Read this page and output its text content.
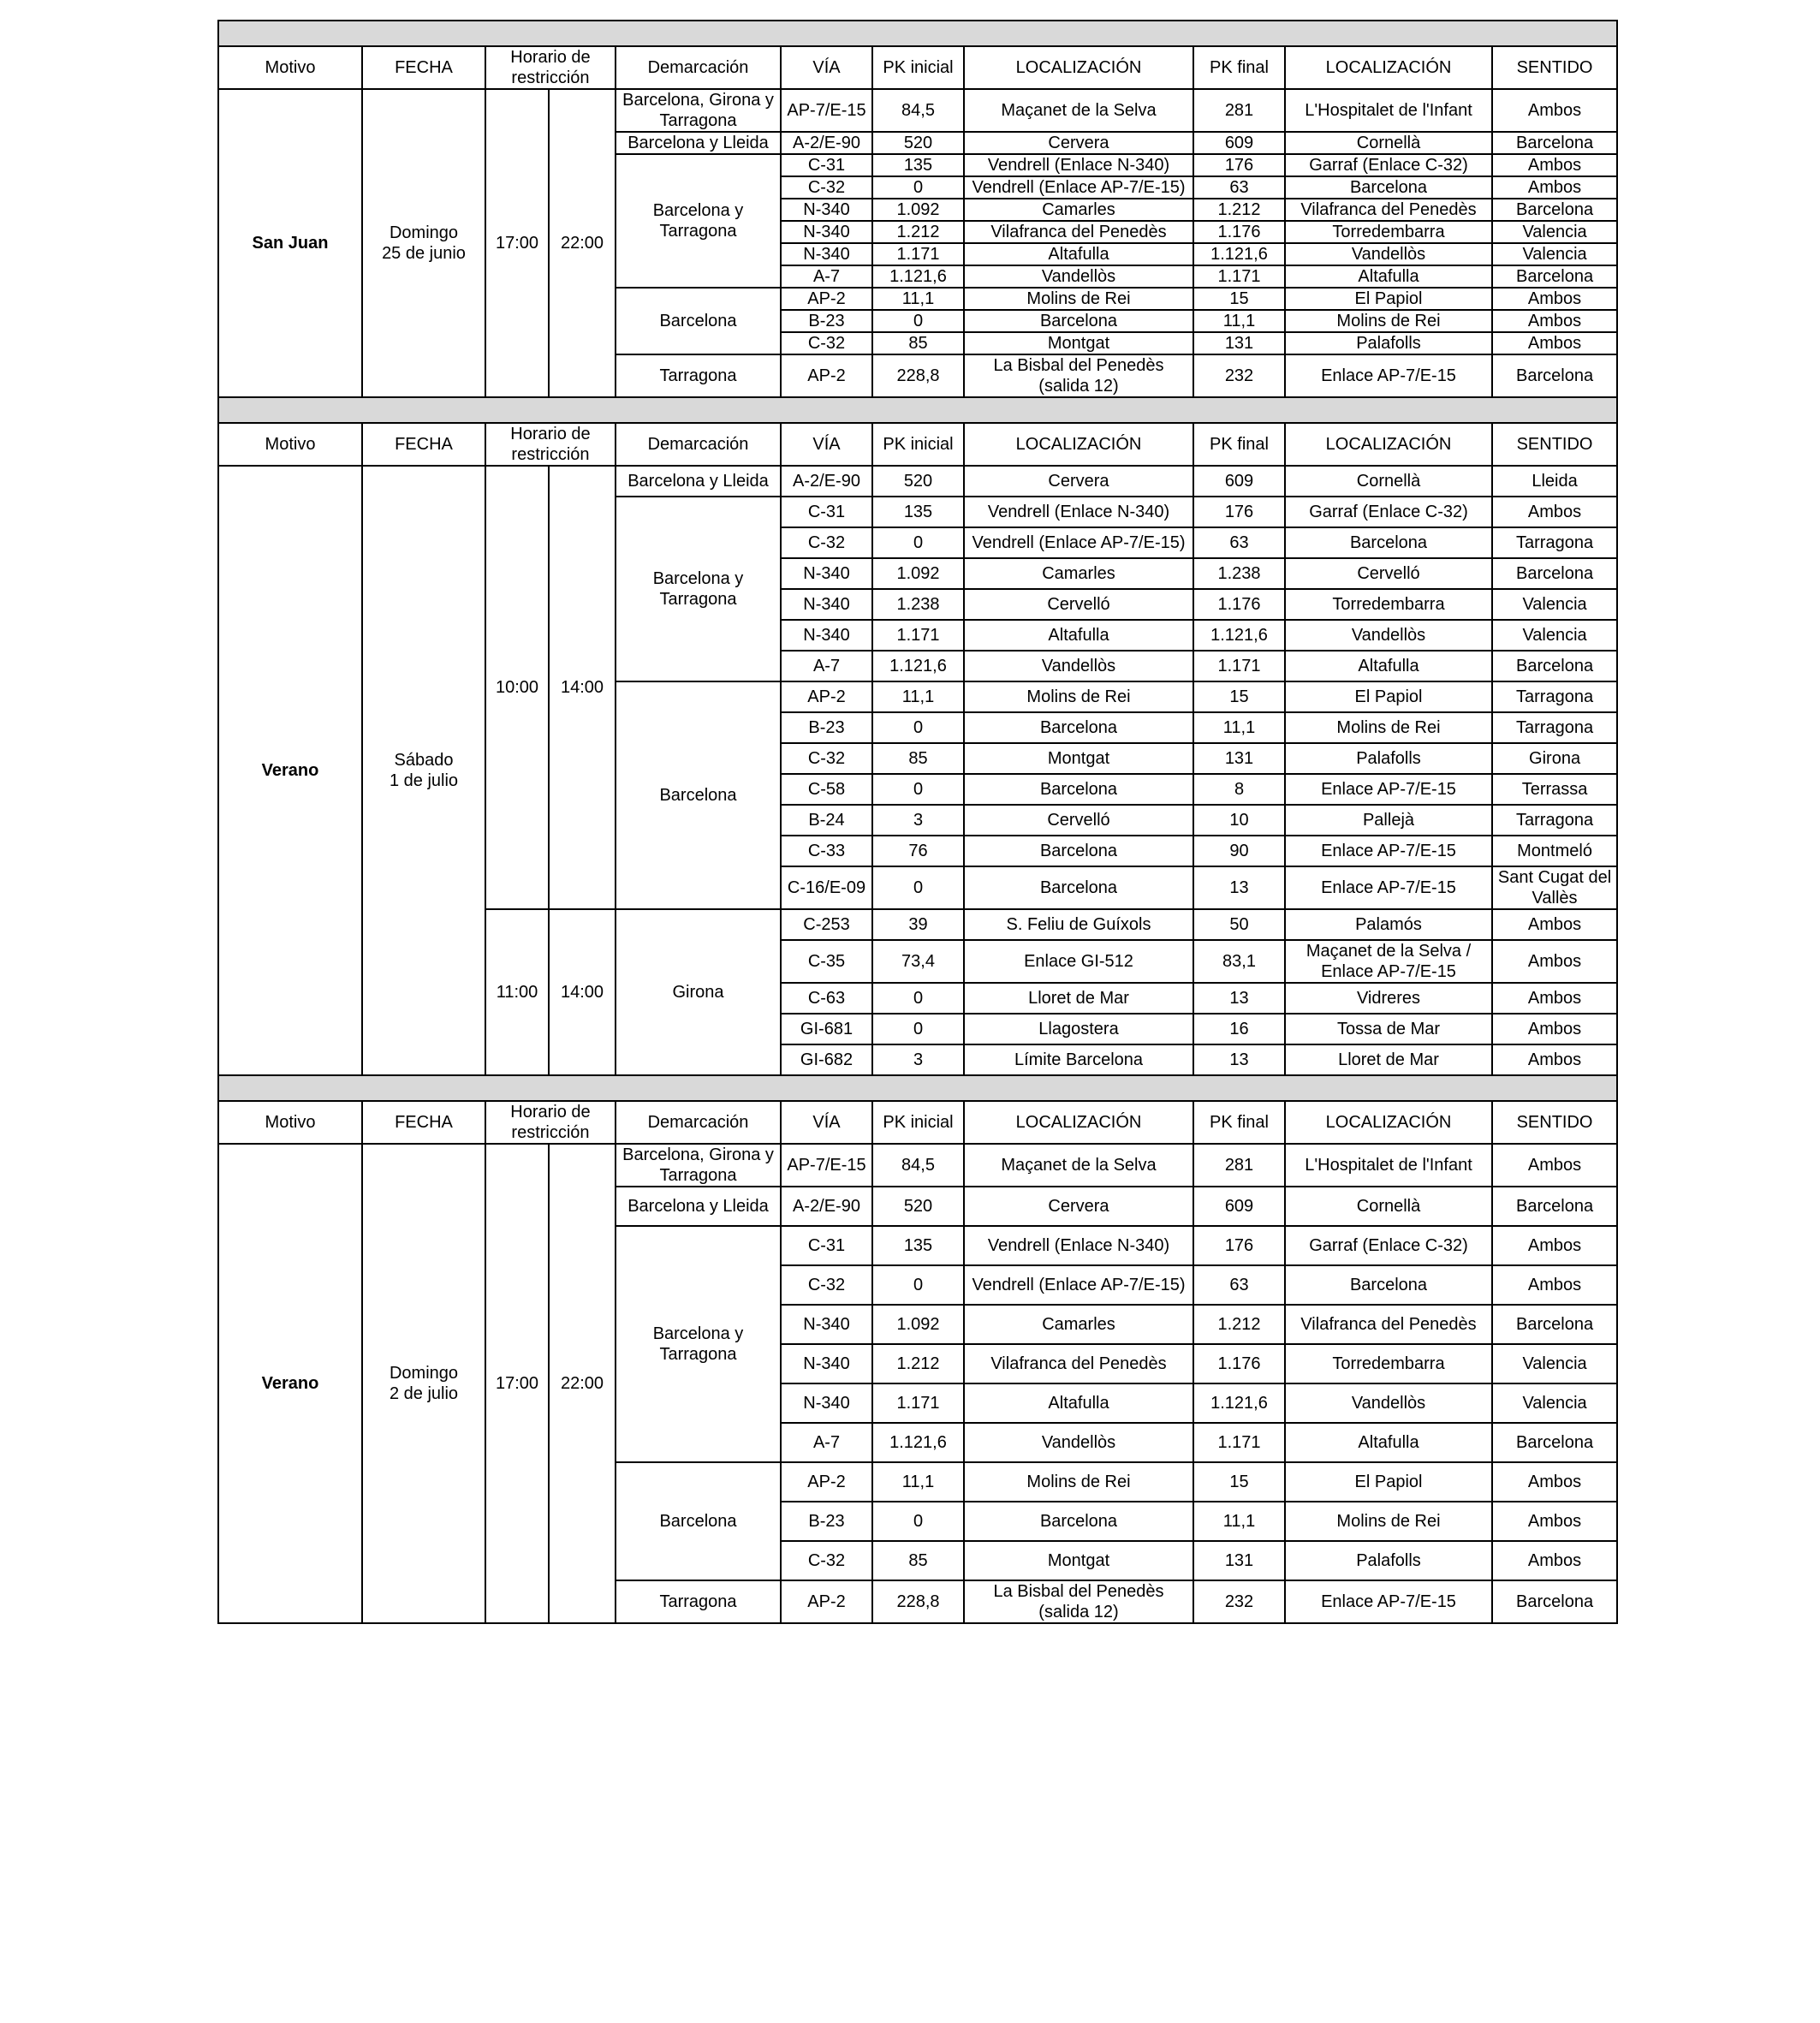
Motivo	FECHA	Horario de
restricción		Demarcación	VÍA	PK inicial	LOCALIZACIÓN	PK final	LOCALIZACIÓN	SENTIDO
San Juan	Domingo
25 de junio	17:00	22:00	Barcelona, Girona y
Tarragona	AP-7/E-15	84,5	Maçanet de la Selva	281	L'Hospitalet de l'Infant	Ambos
				Barcelona y Lleida	A-2/E-90	520	Cervera	609	Cornellà	Barcelona
				Barcelona y
Tarragona	C-31	135	Vendrell (Enlace N-340)	176	Garraf (Enlace C-32)	Ambos
					C-32	0	Vendrell (Enlace AP-7/E-15)	63	Barcelona	Ambos
					N-340	1.092	Camarles	1.212	Vilafranca del Penedès	Barcelona
					N-340	1.212	Vilafranca del Penedès	1.176	Torredembarra	Valencia
					N-340	1.171	Altafulla	1.121,6	Vandellòs	Valencia
					A-7	1.121,6	Vandellòs	1.171	Altafulla	Barcelona
				Barcelona	AP-2	11,1	Molins de Rei	15	El Papiol	Ambos
					B-23	0	Barcelona	11,1	Molins de Rei	Ambos
					C-32	85	Montgat	131	Palafolls	Ambos
				Tarragona	AP-2	228,8	La Bisbal del Penedès
(salida 12)	232	Enlace AP-7/E-15	Barcelona

Motivo	FECHA	Horario de
restricción		Demarcación	VÍA	PK inicial	LOCALIZACIÓN	PK final	LOCALIZACIÓN	SENTIDO
Verano	Sábado
1 de julio	10:00	14:00	Barcelona y Lleida	A-2/E-90	520	Cervera	609	Cornellà	Lleida
				Barcelona y
Tarragona	C-31	135	Vendrell (Enlace N-340)	176	Garraf (Enlace C-32)	Ambos
					C-32	0	Vendrell (Enlace AP-7/E-15)	63	Barcelona	Tarragona
					N-340	1.092	Camarles	1.238	Cervelló	Barcelona
					N-340	1.238	Cervelló	1.176	Torredembarra	Valencia
					N-340	1.171	Altafulla	1.121,6	Vandellòs	Valencia
					A-7	1.121,6	Vandellòs	1.171	Altafulla	Barcelona
				Barcelona	AP-2	11,1	Molins de Rei	15	El Papiol	Tarragona
					B-23	0	Barcelona	11,1	Molins de Rei	Tarragona
					C-32	85	Montgat	131	Palafolls	Girona
					C-58	0	Barcelona	8	Enlace AP-7/E-15	Terrassa
					B-24	3	Cervelló	10	Pallejà	Tarragona
					C-33	76	Barcelona	90	Enlace AP-7/E-15	Montmeló
					C-16/E-09	0	Barcelona	13	Enlace AP-7/E-15	Sant Cugat del
Vallès
		11:00	14:00	Girona	C-253	39	S. Feliu de Guíxols	50	Palamós	Ambos
					C-35	73,4	Enlace GI-512	83,1	Maçanet de la Selva /
Enlace AP-7/E-15	Ambos
					C-63	0	Lloret de Mar	13	Vidreres	Ambos
					GI-681	0	Llagostera	16	Tossa de Mar	Ambos
					GI-682	3	Límite Barcelona	13	Lloret de Mar	Ambos

Motivo	FECHA	Horario de
restricción		Demarcación	VÍA	PK inicial	LOCALIZACIÓN	PK final	LOCALIZACIÓN	SENTIDO
Verano	Domingo
2 de julio	17:00	22:00	Barcelona, Girona y
Tarragona	AP-7/E-15	84,5	Maçanet de la Selva	281	L'Hospitalet de l'Infant	Ambos
				Barcelona y Lleida	A-2/E-90	520	Cervera	609	Cornellà	Barcelona
				Barcelona y
Tarragona	C-31	135	Vendrell (Enlace N-340)	176	Garraf (Enlace C-32)	Ambos
					C-32	0	Vendrell (Enlace AP-7/E-15)	63	Barcelona	Ambos
					N-340	1.092	Camarles	1.212	Vilafranca del Penedès	Barcelona
					N-340	1.212	Vilafranca del Penedès	1.176	Torredembarra	Valencia
					N-340	1.171	Altafulla	1.121,6	Vandellòs	Valencia
					A-7	1.121,6	Vandellòs	1.171	Altafulla	Barcelona
				Barcelona	AP-2	11,1	Molins de Rei	15	El Papiol	Ambos
					B-23	0	Barcelona	11,1	Molins de Rei	Ambos
					C-32	85	Montgat	131	Palafolls	Ambos
				Tarragona	AP-2	228,8	La Bisbal del Penedès
(salida 12)	232	Enlace AP-7/E-15	Barcelona
